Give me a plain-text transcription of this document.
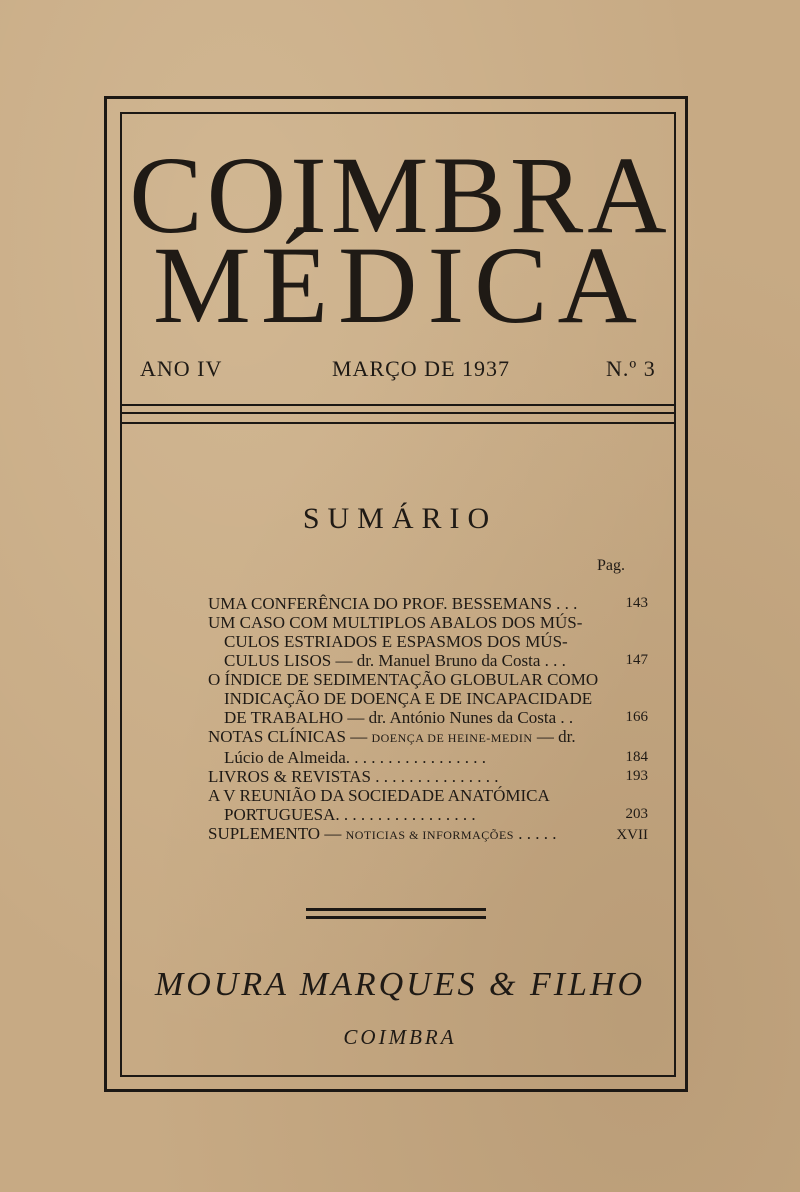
COIMBRA
MÉDICA
ANO IV	MARÇO DE 1937	N.º 3
SUMÁRIO
Pag.
UMA CONFERÊNCIA DO PROF. BESSEMANS . . .	143
UM CASO COM MULTIPLOS ABALOS DOS MÚS-
CULOS ESTRIADOS E ESPASMOS DOS MÚS-
CULUS LISOS — dr. Manuel Bruno da Costa . . .	147
O ÍNDICE DE SEDIMENTAÇÃO GLOBULAR COMO
INDICAÇÃO DE DOENÇA E DE INCAPACIDADE
DE TRABALHO — dr. António Nunes da Costa . .	166
NOTAS CLÍNICAS — DOENÇA DE HEINE-MEDIN — dr.
Lúcio de Almeida. . . . . . . . . . . . . . . . .	184
LIVROS & REVISTAS . . . . . . . . . . . . . . .	193
A V REUNIÃO DA SOCIEDADE ANATÓMICA
PORTUGUESA. . . . . . . . . . . . . . . . .	203
SUPLEMENTO — NOTICIAS & INFORMAÇÕES . . . . .	XVII
MOURA MARQUES & FILHO
COIMBRA
